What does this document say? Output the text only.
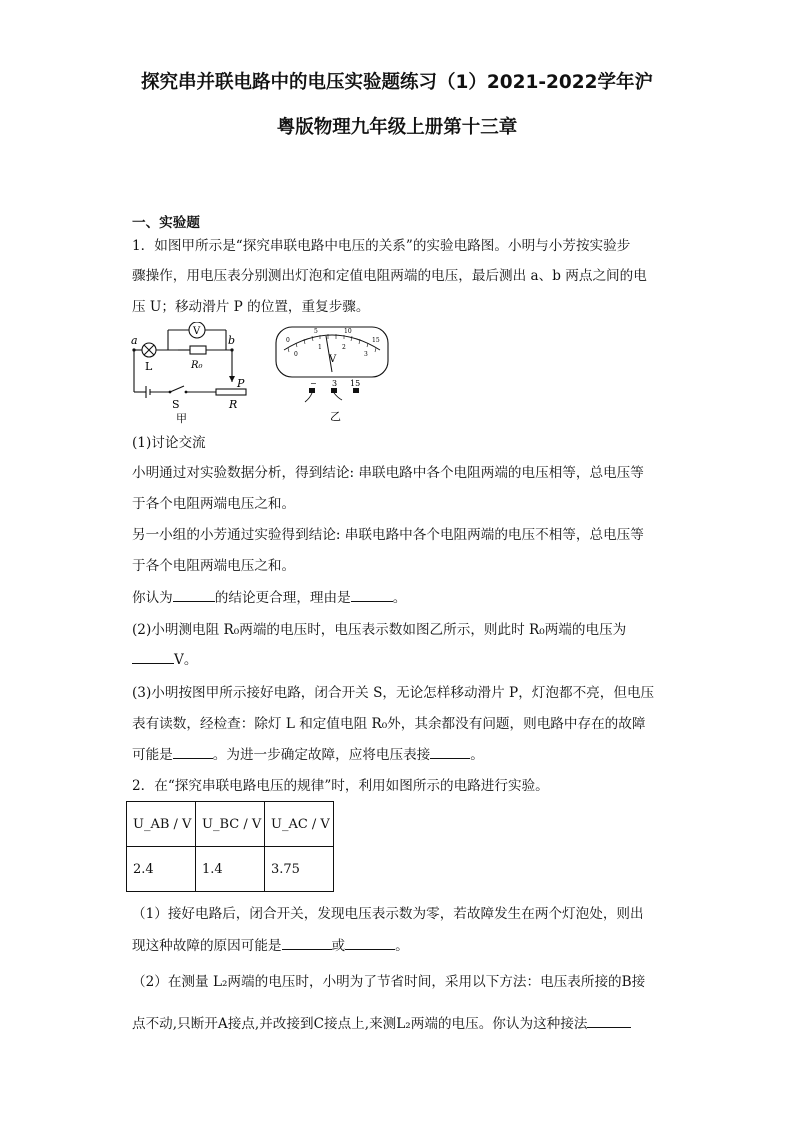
探究串并联电路中的电压实验题练习（1）2021-2022学年沪
粤版物理九年级上册第十三章
一、实验题
1．如图甲所示是“探究串联电路中电压的关系”的实验电路图。小明与小芳按实验步
骤操作，用电压表分别测出灯泡和定值电阻两端的电压，最后测出 a、b 两点之间的电
压 U；移动滑片 P 的位置，重复步骤。
a	b
L	R₀
V
P
R
S
甲
0
5	10
15
0
1	2
3
V
− 3 15
乙
(1)讨论交流
小明通过对实验数据分析，得到结论: 串联电路中各个电阻两端的电压相等，总电压等
于各个电阻两端电压之和。
另一小组的小芳通过实验得到结论: 串联电路中各个电阻两端的电压不相等，总电压等
于各个电阻两端电压之和。
你认为	的结论更合理，理由是	。
(2)小明测电阻 R₀两端的电压时，电压表示数如图乙所示，则此时 R₀两端的电压为
V。
(3)小明按图甲所示接好电路，闭合开关 S，无论怎样移动滑片 P，灯泡都不亮，但电压
表有读数，经检查：除灯 L 和定值电阻 R₀外，其余都没有问题，则电路中存在的故障
可能是	。为进一步确定故障，应将电压表接	。
2．在“探究串联电路电压的规律”时，利用如图所示的电路进行实验。
U_AB / V	U_BC / V	U_AC / V
2.4	1.4	3.75
（1）接好电路后，闭合开关，发现电压表示数为零，若故障发生在两个灯泡处，则出
现这种故障的原因可能是	或	。
（2）在测量 L₂两端的电压时，小明为了节省时间，采用以下方法：电压表所接的B接
点不动,只断开A接点,并改接到C接点上,来测L₂两端的电压。你认为这种接法
